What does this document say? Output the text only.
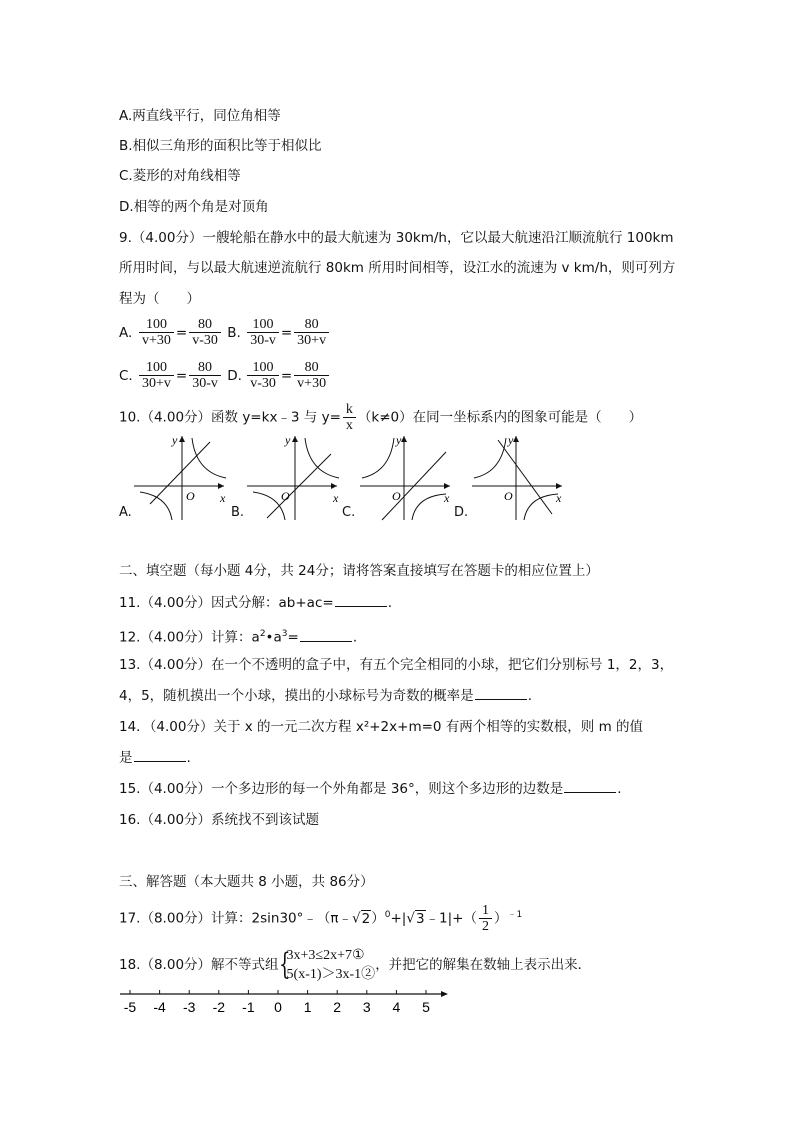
A.两直线平行，同位角相等
B.相似三角形的面积比等于相似比
C.菱形的对角线相等
D.相等的两个角是对顶角
9.（4.00分）一艘轮船在静水中的最大航速为 30km/h，它以最大航速沿江顺流航行 100km
所用时间，与以最大航速逆流航行 80km 所用时间相等，设江水的流速为 v km/h，则可列方
程为（　　）
A. $\frac{100}{v+30} = \frac{80}{v-30} B$. $\frac{100}{30-v} = \frac{80}{30+v}$
C. $\frac{100}{30+v} = \frac{80}{30-v} D$. $\frac{100}{v-30} = \frac{80}{v+30}$
10.（4.00分）函数 y=kx﹣3 与 $y= \frac{k}{x} (k\ne 0)$在同一坐标系内的图象可能是（　　）
y
x
O
A.
y
x
O
B.
y
x
O
C.
y
x
O
D.
二、填空题（每小题 4分，共 24分；请将答案直接填写在答题卡的相应位置上）
11.（4.00分）因式分解：ab+ac=	.
12.（4.00分）计算：$a^2•a^3=$	.
13.（4.00分）在一个不透明的盒子中，有五个完全相同的小球，把它们分别标号 1，2，3，
4，5，随机摸出一个小球，摸出的小球标号为奇数的概率是	.
14．（4.00分）关于 x 的一元二次方程 x²+2x+m=0 有两个相等的实数根，则 m 的值
是	.
15.（4.00分）一个多边形的每一个外角都是 36°，则这个多边形的边数是	.
16.（4.00分）系统找不到该试题
三、解答题（本大题共 8 小题，共 86分）
17.（8.00分）计算：2sin30°﹣（π﹣√2）$^0$+|√3﹣1|+（ $\frac{1}{2} )^{﹣1}$
18.（8.00分）解不等式组 {
3x+3≤2x+7①
5(x-1)＞3x-1②
，并把它的解集在数轴上表示出来．
-5 -4 -3 -2 -1 0 1 2 3 4 5
